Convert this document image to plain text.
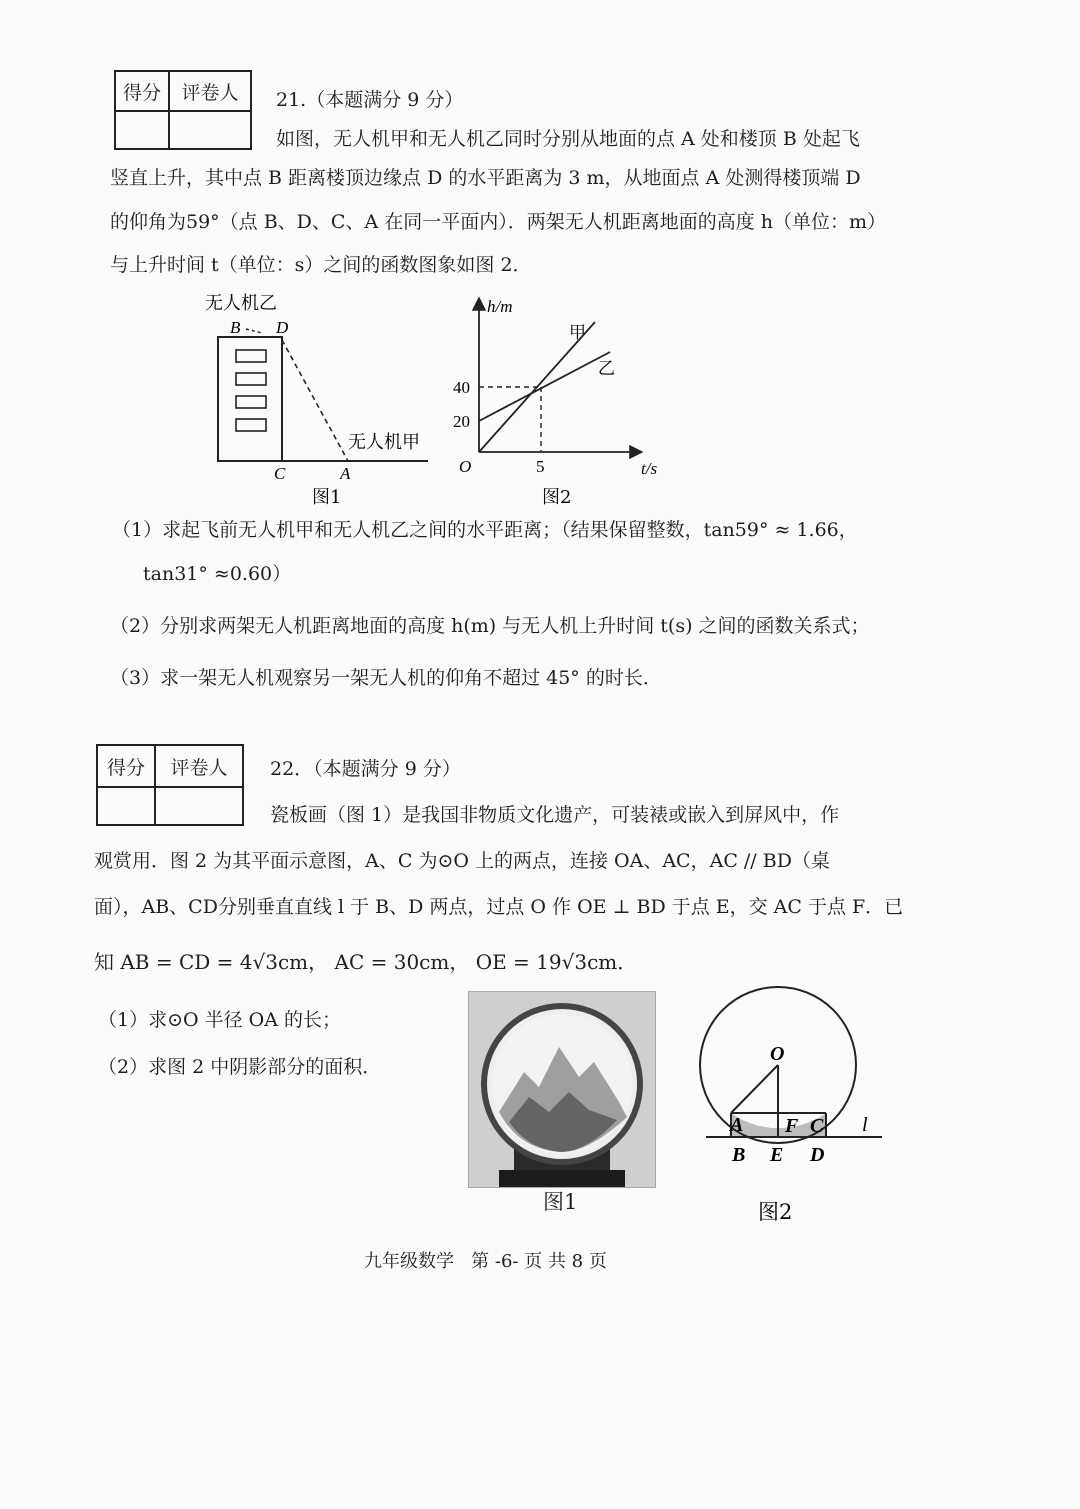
得分	评卷人
	21.（本题满分 9 分）
如图，无人机甲和无人机乙同时分别从地面的点 A 处和楼顶 B 处起飞
竖直上升，其中点 B 距离楼顶边缘点 D 的水平距离为 3 m，从地面点 A 处测得楼顶端 D
的仰角为59°（点 B、D、C、A 在同一平面内）．两架无人机距离地面的高度 h（单位：m）
与上升时间 t（单位：s）之间的函数图象如图 2．
无人机乙
B D
无人机甲
C	A
图1
h/m
t/s
O
40
20
5
甲
乙
图2
（1）求起飞前无人机甲和无人机乙之间的水平距离；（结果保留整数，tan59° ≈ 1.66，
tan31° ≈0.60）
（2）分别求两架无人机距离地面的高度 h(m) 与无人机上升时间 t(s) 之间的函数关系式；
（3）求一架无人机观察另一架无人机的仰角不超过 45° 的时长．
得分	评卷人
	22．（本题满分 9 分）
瓷板画（图 1）是我国非物质文化遗产，可装裱或嵌入到屏风中，作
观赏用．图 2 为其平面示意图，A、C 为⊙O 上的两点，连接 OA、AC，AC // BD（桌
面），AB、CD分别垂直直线 l 于 B、D 两点，过点 O 作 OE ⊥ BD 于点 E，交 AC 于点 F．已
知 AB = CD = 4√3cm， AC = 30cm， OE = 19√3cm．
（1）求⊙O 半径 OA 的长；
（2）求图 2 中阴影部分的面积．
图1
O
A F C l
B E D
图2
九年级数学   第 -6- 页 共 8 页
